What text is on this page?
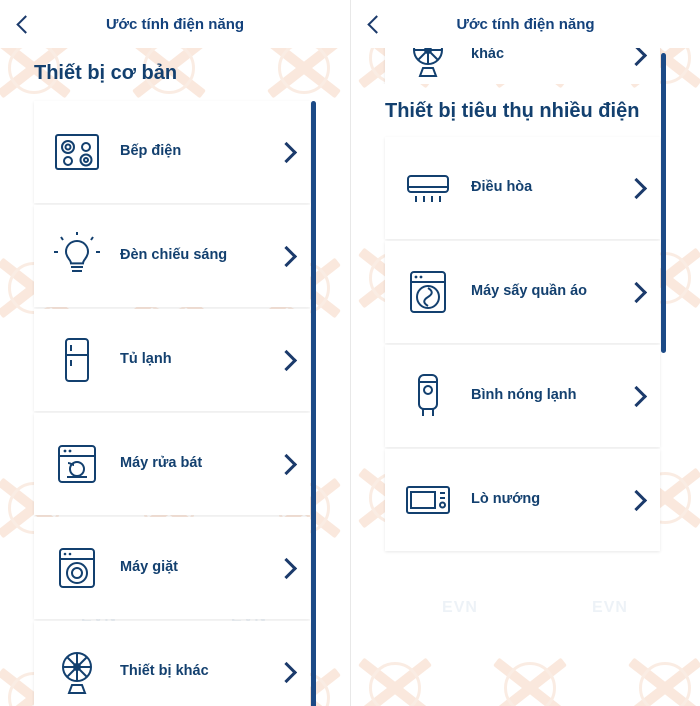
Ước tính điện năng
Thiết bị cơ bản
Bếp điện
Đèn chiếu sáng
Tủ lạnh
Máy rửa bát
Máy giặt
Thiết bị khác
EVN	EVN
Ước tính điện năng
khác
Thiết bị tiêu thụ nhiều điện
Điều hòa
Máy sấy quần áo
Bình nóng lạnh
Lò nướng
